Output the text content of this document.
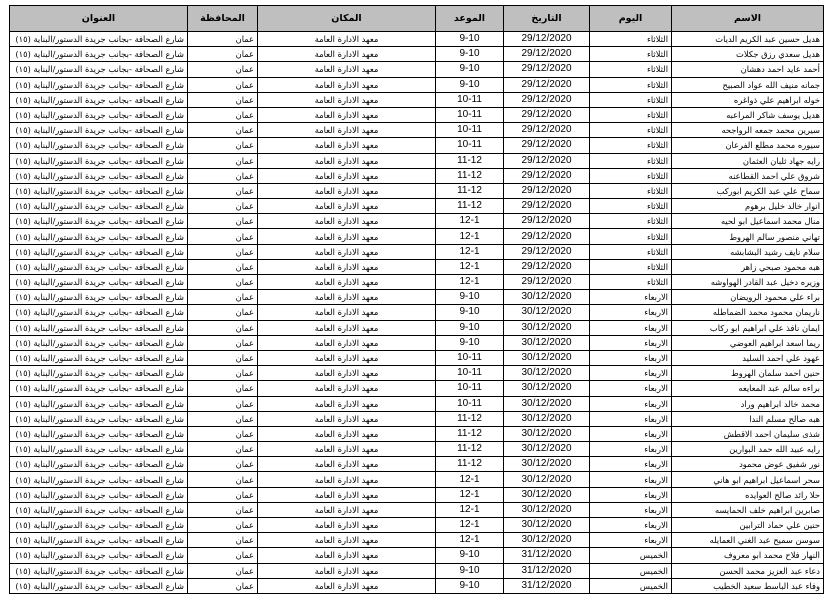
الاسم	اليوم	التاريخ	الموعد	المكان	المحافظة	العنوان
هديل حسين عبد الكريم الديات	الثلاثاء	29/12/2020	9-10	معهد الادارة العامة	عمان	شارع الصحافة -بجانب جريدة الدستور/البناية (١٥)
هديل سعدي رزق جكلات	الثلاثاء	29/12/2020	9-10	معهد الادارة العامة	عمان	شارع الصحافة -بجانب جريدة الدستور/البناية (١٥)
أحمد عايد احمد دهشان	الثلاثاء	29/12/2020	9-10	معهد الادارة العامة	عمان	شارع الصحافة -بجانب جريدة الدستور/البناية (١٥)
جمانه منيف الله عواد الصبيح	الثلاثاء	29/12/2020	9-10	معهد الادارة العامة	عمان	شارع الصحافة -بجانب جريدة الدستور/البناية (١٥)
خوله ابراهيم علي ذواغره	الثلاثاء	29/12/2020	10-11	معهد الادارة العامة	عمان	شارع الصحافة -بجانب جريدة الدستور/البناية (١٥)
هديل يوسف شاكر المراعبه	الثلاثاء	29/12/2020	10-11	معهد الادارة العامة	عمان	شارع الصحافة -بجانب جريدة الدستور/البناية (١٥)
سيرين محمد جمعه الرواجحه	الثلاثاء	29/12/2020	10-11	معهد الادارة العامة	عمان	شارع الصحافة -بجانب جريدة الدستور/البناية (١٥)
سيوره محمد مطلع الفرعان	الثلاثاء	29/12/2020	10-11	معهد الادارة العامة	عمان	شارع الصحافة -بجانب جريدة الدستور/البناية (١٥)
رايه جهاد ثلبان العثمان	الثلاثاء	29/12/2020	11-12	معهد الادارة العامة	عمان	شارع الصحافة -بجانب جريدة الدستور/البناية (١٥)
شروق علي احمد القطاعنه	الثلاثاء	29/12/2020	11-12	معهد الادارة العامة	عمان	شارع الصحافة -بجانب جريدة الدستور/البناية (١٥)
سماح علي عبد الكريم ابوركب	الثلاثاء	29/12/2020	11-12	معهد الادارة العامة	عمان	شارع الصحافة -بجانب جريدة الدستور/البناية (١٥)
انوار خالد خليل برهوم	الثلاثاء	29/12/2020	11-12	معهد الادارة العامة	عمان	شارع الصحافة -بجانب جريدة الدستور/البناية (١٥)
منال محمد اسماعيل ابو لحيه	الثلاثاء	29/12/2020	12-1	معهد الادارة العامة	عمان	شارع الصحافة -بجانب جريدة الدستور/البناية (١٥)
تهاني منصور سالم الهروط	الثلاثاء	29/12/2020	12-1	معهد الادارة العامة	عمان	شارع الصحافة -بجانب جريدة الدستور/البناية (١٥)
سلام نايف رشيد البشابشه	الثلاثاء	29/12/2020	12-1	معهد الادارة العامة	عمان	شارع الصحافة -بجانب جريدة الدستور/البناية (١٥)
هبه محمود صبحي زاهر	الثلاثاء	29/12/2020	12-1	معهد الادارة العامة	عمان	شارع الصحافة -بجانب جريدة الدستور/البناية (١٥)
وزيره دخيل عبد القادر الهواوشه	الثلاثاء	29/12/2020	12-1	معهد الادارة العامة	عمان	شارع الصحافة -بجانب جريدة الدستور/البناية (١٥)
براء علي محمود الرويضان	الاربعاء	30/12/2020	9-10	معهد الادارة العامة	عمان	شارع الصحافة -بجانب جريدة الدستور/البناية (١٥)
ناريمان محمود محمد الضماطله	الاربعاء	30/12/2020	9-10	معهد الادارة العامة	عمان	شارع الصحافة -بجانب جريدة الدستور/البناية (١٥)
ايمان نافذ علي ابراهيم ابو ركاب	الاربعاء	30/12/2020	9-10	معهد الادارة العامة	عمان	شارع الصحافة -بجانب جريدة الدستور/البناية (١٥)
ريما اسعد ابراهيم العوضي	الاربعاء	30/12/2020	9-10	معهد الادارة العامة	عمان	شارع الصحافة -بجانب جريدة الدستور/البناية (١٥)
عهود علي احمد السليد	الاربعاء	30/12/2020	10-11	معهد الادارة العامة	عمان	شارع الصحافة -بجانب جريدة الدستور/البناية (١٥)
حنين احمد سلمان الهروط	الاربعاء	30/12/2020	10-11	معهد الادارة العامة	عمان	شارع الصحافة -بجانب جريدة الدستور/البناية (١٥)
براءه سالم عبد المعايعه	الاربعاء	30/12/2020	10-11	معهد الادارة العامة	عمان	شارع الصحافة -بجانب جريدة الدستور/البناية (١٥)
محمد خالد ابراهيم وراد	الاربعاء	30/12/2020	10-11	معهد الادارة العامة	عمان	شارع الصحافة -بجانب جريدة الدستور/البناية (١٥)
هبه صالح مسلم الندا	الاربعاء	30/12/2020	11-12	معهد الادارة العامة	عمان	شارع الصحافة -بجانب جريدة الدستور/البناية (١٥)
شذى سليمان احمد الاقطش	الاربعاء	30/12/2020	11-12	معهد الادارة العامة	عمان	شارع الصحافة -بجانب جريدة الدستور/البناية (١٥)
رايه عبيد الله حمد البوارين	الاربعاء	30/12/2020	11-12	معهد الادارة العامة	عمان	شارع الصحافة -بجانب جريدة الدستور/البناية (١٥)
نور شفيق عوض محمود	الاربعاء	30/12/2020	11-12	معهد الادارة العامة	عمان	شارع الصحافة -بجانب جريدة الدستور/البناية (١٥)
سحر اسماعيل ابراهيم ابو هاني	الاربعاء	30/12/2020	12-1	معهد الادارة العامة	عمان	شارع الصحافة -بجانب جريدة الدستور/البناية (١٥)
حلا رائد صالح العوايده	الاربعاء	30/12/2020	12-1	معهد الادارة العامة	عمان	شارع الصحافة -بجانب جريدة الدستور/البناية (١٥)
صابرين ابراهيم خلف الحمايسه	الاربعاء	30/12/2020	12-1	معهد الادارة العامة	عمان	شارع الصحافة -بجانب جريدة الدستور/البناية (١٥)
حنين علي حماد الترابين	الاربعاء	30/12/2020	12-1	معهد الادارة العامة	عمان	شارع الصحافة -بجانب جريدة الدستور/البناية (١٥)
سوسن سميح عبد الغني العمايله	الاربعاء	30/12/2020	12-1	معهد الادارة العامة	عمان	شارع الصحافة -بجانب جريدة الدستور/البناية (١٥)
النهار فلاح محمد ابو معروف	الخميس	31/12/2020	9-10	معهد الادارة العامة	عمان	شارع الصحافة -بجانب جريدة الدستور/البناية (١٥)
دعاء عبد العزيز محمد الحسن	الخميس	31/12/2020	9-10	معهد الادارة العامة	عمان	شارع الصحافة -بجانب جريدة الدستور/البناية (١٥)
وفاء عبد الباسط سعيد الخطيب	الخميس	31/12/2020	9-10	معهد الادارة العامة	عمان	شارع الصحافة -بجانب جريدة الدستور/البناية (١٥)
